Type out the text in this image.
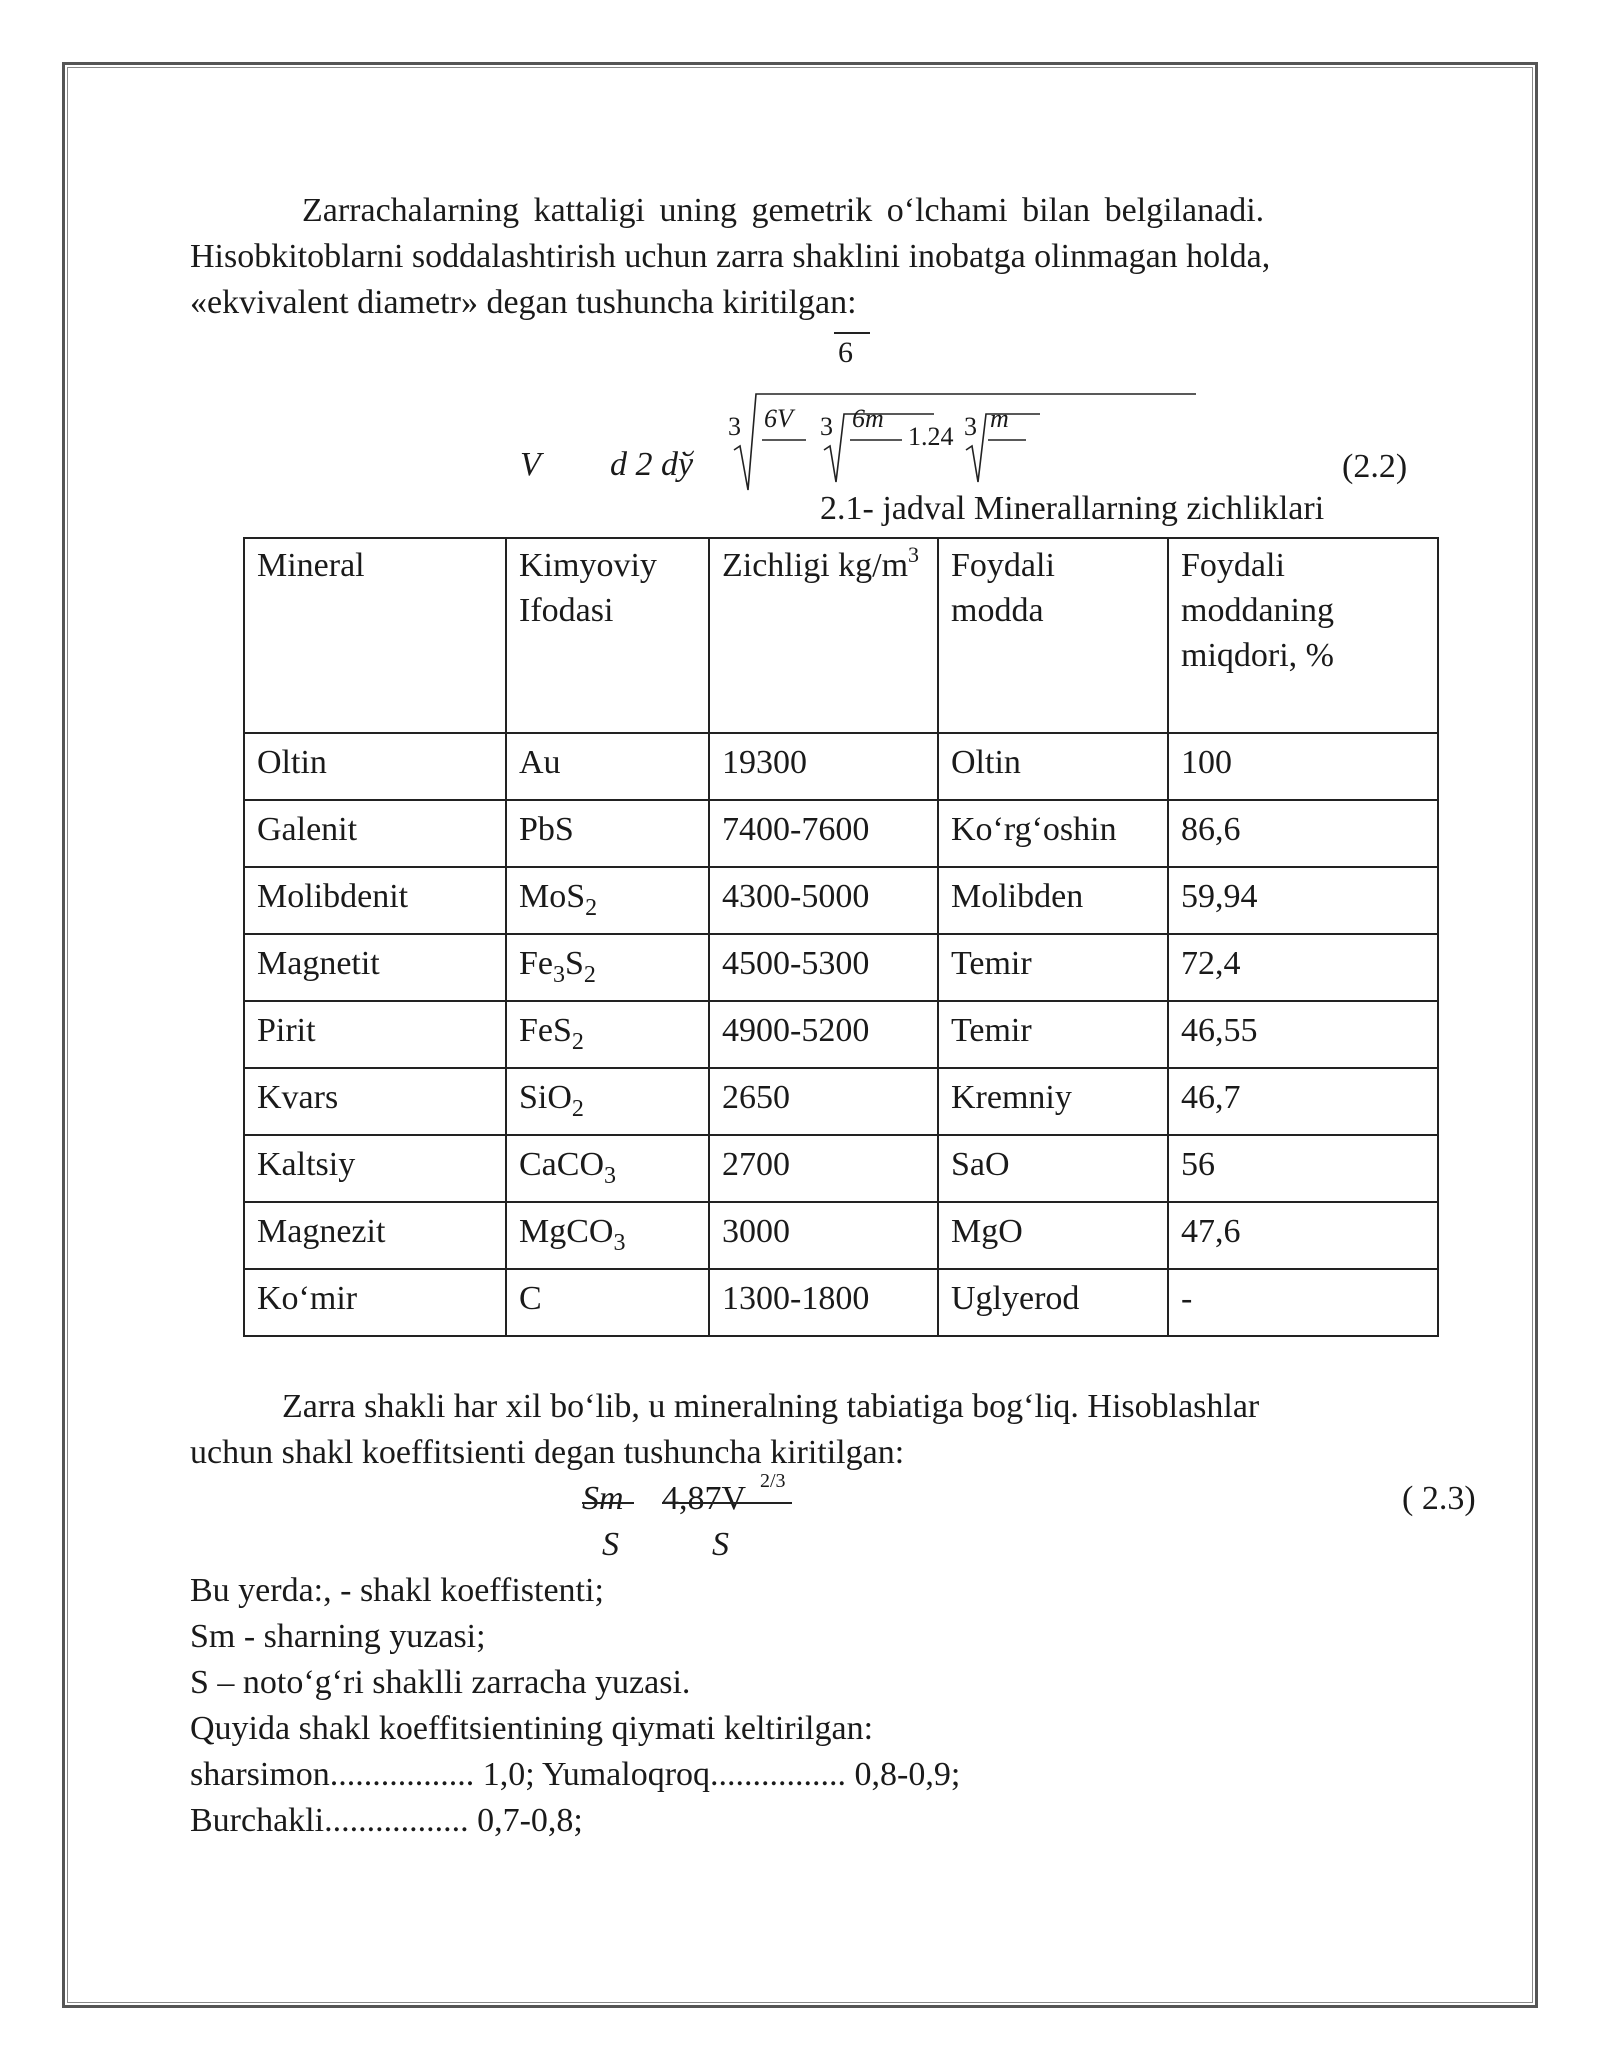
Zarrachalarning kattaligi uning gemetrik o‘lchami bilan belgilanadi.
Hisobkitoblarni soddalashtirish uchun zarra shaklini inobatga olinmagan holda,
«ekvivalent diametr» degan tushuncha kiritilgan:
6
V d 2 dў
3 6V 3 6m
1.24 3 m
(2.2)
2.1- jadval Minerallarning zichliklari
Mineral	Kimyoviy Ifodasi	Zichligi $kg/m^3$	Foydali modda	Foydali moddaning miqdori, %
Oltin	Au	19300	Oltin	100
Galenit	PbS	7400-7600	Ko‘rg‘oshin	86,6
Molibdenit	MoS$_2$	4300-5000	Molibden	59,94
Magnetit	$Fe_3S_2$	4500-5300	Temir	72,4
Pirit	FeS$_2$	4900-5200	Temir	46,55
Kvars	SiO$_2$	2650	Kremniy	46,7
Kaltsiy	CaCO$_3$	2700	SaO	56
Magnezit	MgCO$_3$	3000	MgO	47,6
Ko‘mir	C	1300-1800	Uglyerod	-
Zarra shakli har xil bo‘lib, u mineralning tabiatiga bog‘liq. Hisoblashlar
uchun shakl koeffitsienti degan tushuncha kiritilgan:
Sm 4,87V 2/3
S	S
( 2.3)
Bu yerda:, - shakl koeffistenti;
Sm - sharning yuzasi;
S – noto‘g‘ri shaklli zarracha yuzasi.
Quyida shakl koeffitsientining qiymati keltirilgan:
sharsimon................. 1,0; Yumaloqroq................ 0,8-0,9;
Burchakli................. 0,7-0,8;
